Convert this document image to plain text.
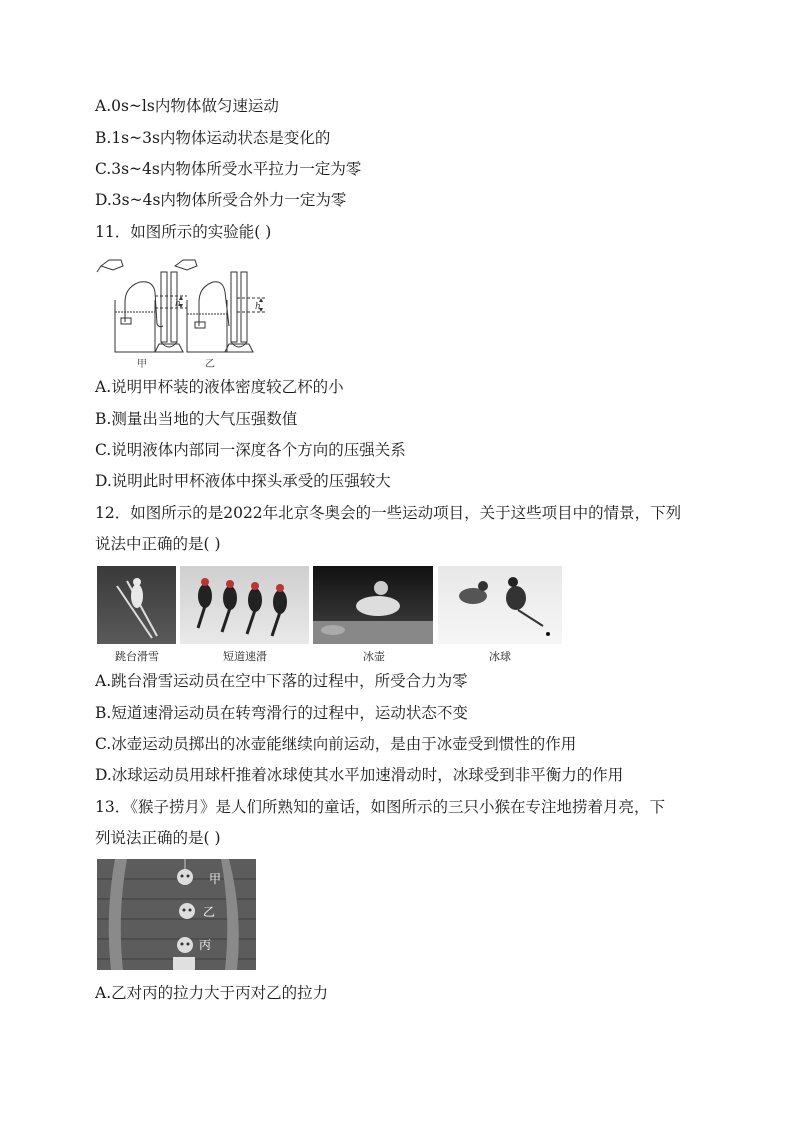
A.0s~ls内物体做匀速运动
B.1s~3s内物体运动状态是变化的
C.3s~4s内物体所受水平拉力一定为零
D.3s~4s内物体所受合外力一定为零
11．如图所示的实验能( )
h	h
甲	乙
A.说明甲杯装的液体密度较乙杯的小
B.测量出当地的大气压强数值
C.说明液体内部同一深度各个方向的压强关系
D.说明此时甲杯液体中探头承受的压强较大
12．如图所示的是2022年北京冬奥会的一些运动项目，关于这些项目中的情景，下列
说法中正确的是( )
跳台滑雪	短道速滑	冰壶	冰球
A.跳台滑雪运动员在空中下落的过程中，所受合力为零
B.短道速滑运动员在转弯滑行的过程中，运动状态不变
C.冰壶运动员掷出的冰壶能继续向前运动，是由于冰壶受到惯性的作用
D.冰球运动员用球杆推着冰球使其水平加速滑动时，冰球受到非平衡力的作用
13．《猴子捞月》是人们所熟知的童话，如图所示的三只小猴在专注地捞着月亮，下
列说法正确的是( )
甲
乙
丙
A.乙对丙的拉力大于丙对乙的拉力
